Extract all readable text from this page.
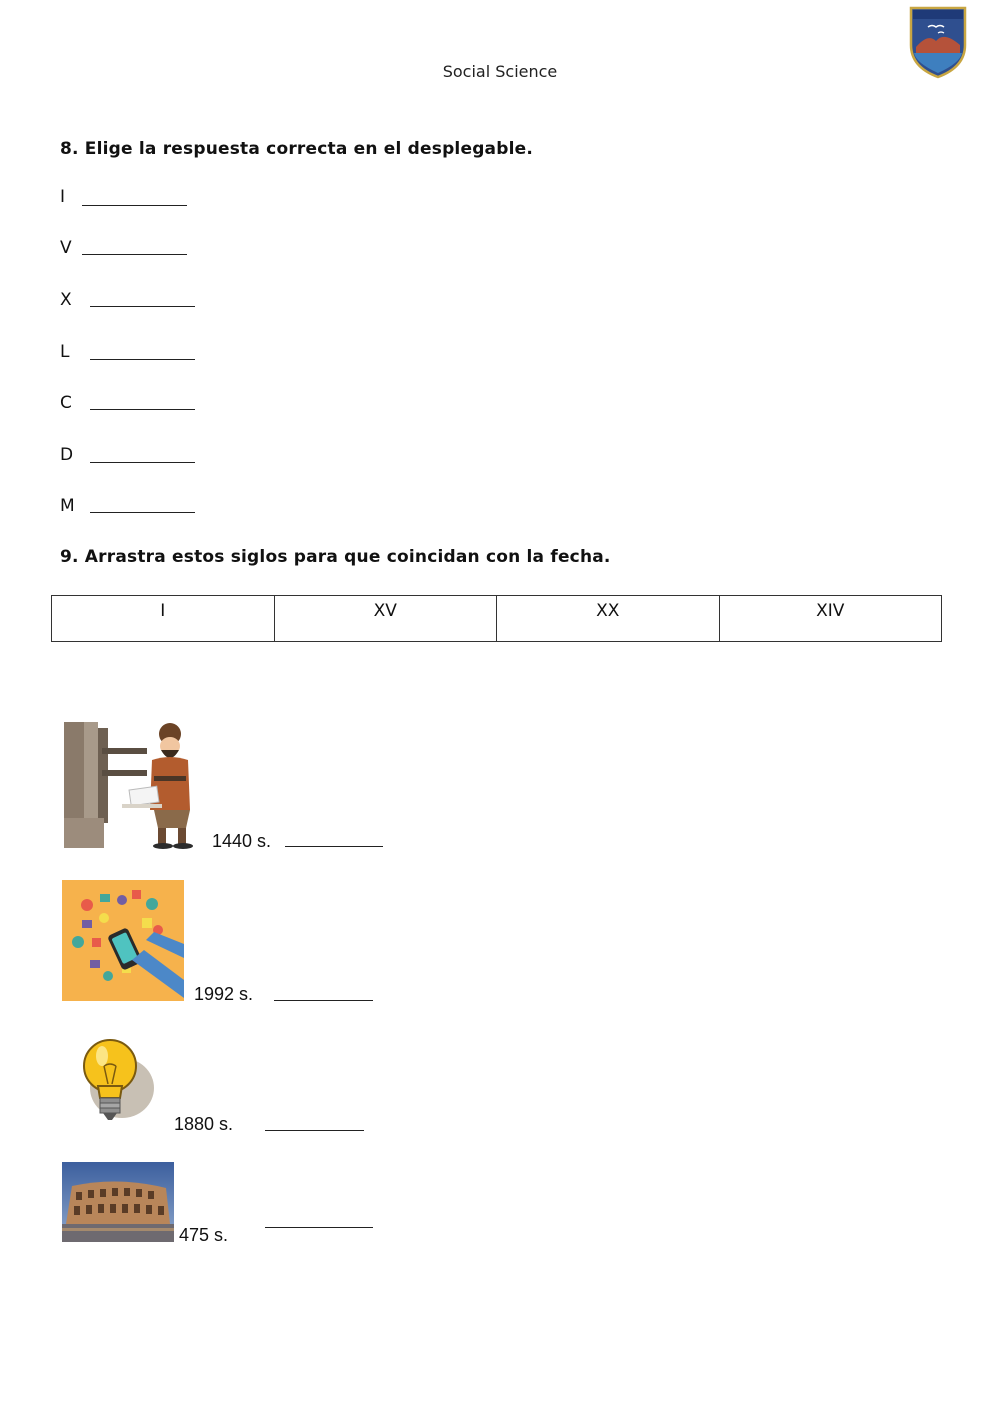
Social Science
8. Elige la respuesta correcta en el desplegable.
I
V
X
L
C
D
M
9. Arrastra estos siglos para que coincidan con la fecha.
I	XV	XX	XIV
1440 s.
1992 s.
1880 s.
475 s.
